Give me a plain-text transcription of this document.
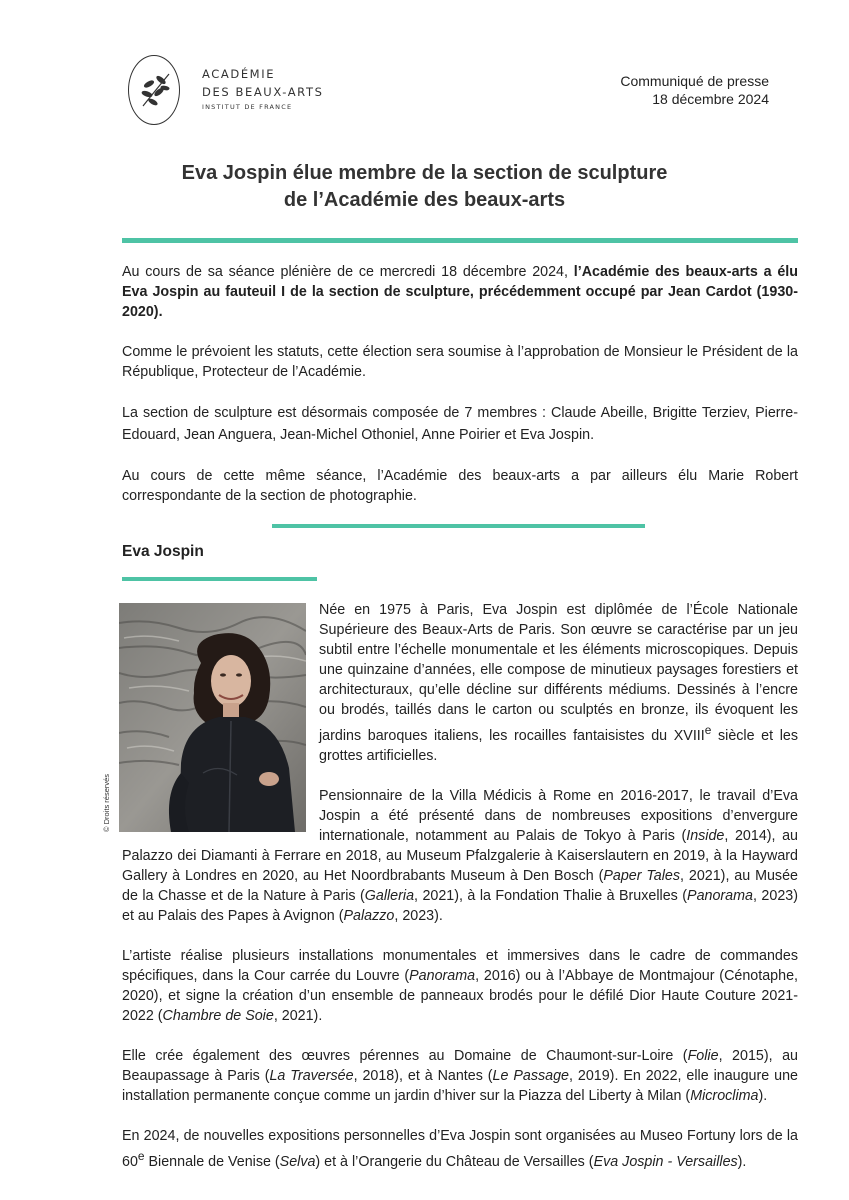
ACADÉMIE
DES BEAUX-ARTS
INSTITUT DE FRANCE
Communiqué de presse
18 décembre 2024
Eva Jospin élue membre de la section de sculpture
de l’Académie des beaux-arts

Au cours de sa séance plénière de ce mercredi 18 décembre 2024, l’Académie des beaux-arts a élu Eva Jospin au fauteuil I de la section de sculpture, précédemment occupé par Jean Cardot (1930-2020).

Comme le prévoient les statuts, cette élection sera soumise à l’approbation de Monsieur le Président de la République, Protecteur de l’Académie.

La section de sculpture est désormais composée de 7 membres : Claude Abeille, Brigitte Terziev, Pierre-Edouard, Jean Anguera, Jean-Michel Othoniel, Anne Poirier et Eva Jospin.

Au cours de cette même séance, l’Académie des beaux-arts a par ailleurs élu Marie Robert correspondante de la section de photographie.

Eva Jospin
© Droits réservés

Née en 1975 à Paris, Eva Jospin est diplômée de l’École Nationale Supérieure des Beaux-Arts de Paris. Son œuvre se caractérise par un jeu subtil entre l’échelle monumentale et les éléments microscopiques. Depuis une quinzaine d’années, elle compose de minutieux paysages forestiers et architecturaux, qu’elle décline sur différents médiums. Dessinés à l’encre ou brodés, taillés dans le carton ou sculptés en bronze, ils évoquent les jardins baroques italiens, les rocailles fantaisistes du XVIIIe siècle et les grottes artificielles.

Pensionnaire de la Villa Médicis à Rome en 2016-2017, le travail d’Eva Jospin a été présenté dans de nombreuses expositions d’envergure internationale, notamment au Palais de Tokyo à Paris (Inside, 2014), au Palazzo dei Diamanti à Ferrare en 2018, au Museum Pfalzgalerie à Kaiserslautern en 2019, à la Hayward Gallery à Londres en 2020, au Het Noordbrabants Museum à Den Bosch (Paper Tales, 2021), au Musée de la Chasse et de la Nature à Paris (Galleria, 2021), à la Fondation Thalie à Bruxelles (Panorama, 2023) et au Palais des Papes à Avignon (Palazzo, 2023).

L’artiste réalise plusieurs installations monumentales et immersives dans le cadre de commandes spécifiques, dans la Cour carrée du Louvre (Panorama, 2016) ou à l’Abbaye de Montmajour (Cénotaphe, 2020), et signe la création d’un ensemble de panneaux brodés pour le défilé Dior Haute Couture 2021-2022 (Chambre de Soie, 2021).

Elle crée également des œuvres pérennes au Domaine de Chaumont-sur-Loire (Folie, 2015), au Beaupassage à Paris (La Traversée, 2018), et à Nantes (Le Passage, 2019). En 2022, elle inaugure une installation permanente conçue comme un jardin d’hiver sur la Piazza del Liberty à Milan (Microclima).

En 2024, de nouvelles expositions personnelles d’Eva Jospin sont organisées au Museo Fortuny lors de la 60e Biennale de Venise (Selva) et à l’Orangerie du Château de Versailles (Eva Jospin - Versailles).
